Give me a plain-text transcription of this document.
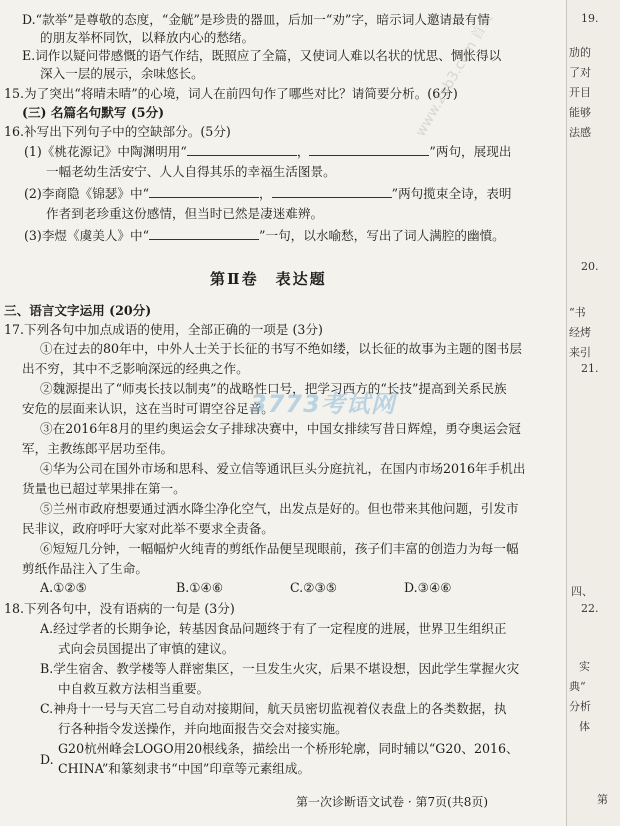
D.“款举”是尊敬的态度，“金觥”是珍贵的器皿，后加一“劝”字，暗示词人邀请最有情
的朋友举杯同饮，以释放内心的愁绪。
E.词作以疑问带感慨的语气作结，既照应了全篇，又使词人难以名状的忧思、惆怅得以
深入一层的展示，余味悠长。
15.为了突出“将晴未晴”的心境，词人在前四句作了哪些对比？请简要分析。(6分)
(三) 名篇名句默写 (5分)
16.补写出下列句子中的空缺部分。(5分)
(1)《桃花源记》中陶渊明用“	，	”两句，展现出
一幅老幼生活安宁、人人自得其乐的幸福生活图景。
(2)李商隐《锦瑟》中“	，	”两句揽束全诗，表明
作者到老珍重这份感情，但当时已然是凄迷难辨。
(3)李煜《虞美人》中“	”一句，以水喻愁，写出了词人满腔的幽憤。
三、语言文字运用 (20分)
17.下列各句中加点成语的使用，全部正确的一项是 (3分)
①在过去的80年中，中外人士关于长征的书写不绝如缕，以长征的故事为主题的图书层
出不穷，其中不乏影响深远的经典之作。
②魏源提出了“师夷长技以制夷”的战略性口号，把学习西方的“长技”提高到关系民族
安危的层面来认识，这在当时可谓空谷足音。
③在2016年8月的里约奥运会女子排球决赛中，中国女排续写昔日辉煌，勇夺奥运会冠
军，主教练郎平居功至伟。
④华为公司在国外市场和思科、爱立信等通讯巨头分庭抗礼，在国内市场2016年手机出
货量也已超过苹果排在第一。
⑤兰州市政府想要通过洒水降尘净化空气，出发点是好的。但也带来其他问题，引发市
民非议，政府呼吁大家对此举不要求全责备。
⑥短短几分钟，一幅幅炉火纯青的剪纸作品便呈现眼前，孩子们丰富的创造力为每一幅
剪纸作品注入了生命。
A.①②⑤	B.①④⑥	C.②③⑤	D.③④⑥
18.下列各句中，没有语病的一句是 (3分)
A.经过学者的长期争论，转基因食品问题终于有了一定程度的进展，世界卫生组织正
式向会员国提出了审慎的建议。
B.学生宿舍、教学楼等人群密集区，一旦发生火灾，后果不堪设想，因此学生掌握火灾
中自救互救方法相当重要。
C.神舟十一号与天宫二号自动对接期间，航天员密切监视着仪表盘上的各类数据，执
行各种指令发送操作，并向地面报告交会对接实施。
G20杭州峰会LOGO用20根线条，描绘出一个桥形轮廓，同时辅以“G20、2016、
CHINA”和篆刻隶书“中国”印章等元素组成。
D.
第Ⅱ卷　表达题
3773考试网
www.2ab3.com 首发	19.
劢的
了对
开目
能够
法感
20.
“书
经烤
来引
21.
四、
22.
实
典“
分析
体
第
第一次诊断语文试卷 · 第7页(共8页)
